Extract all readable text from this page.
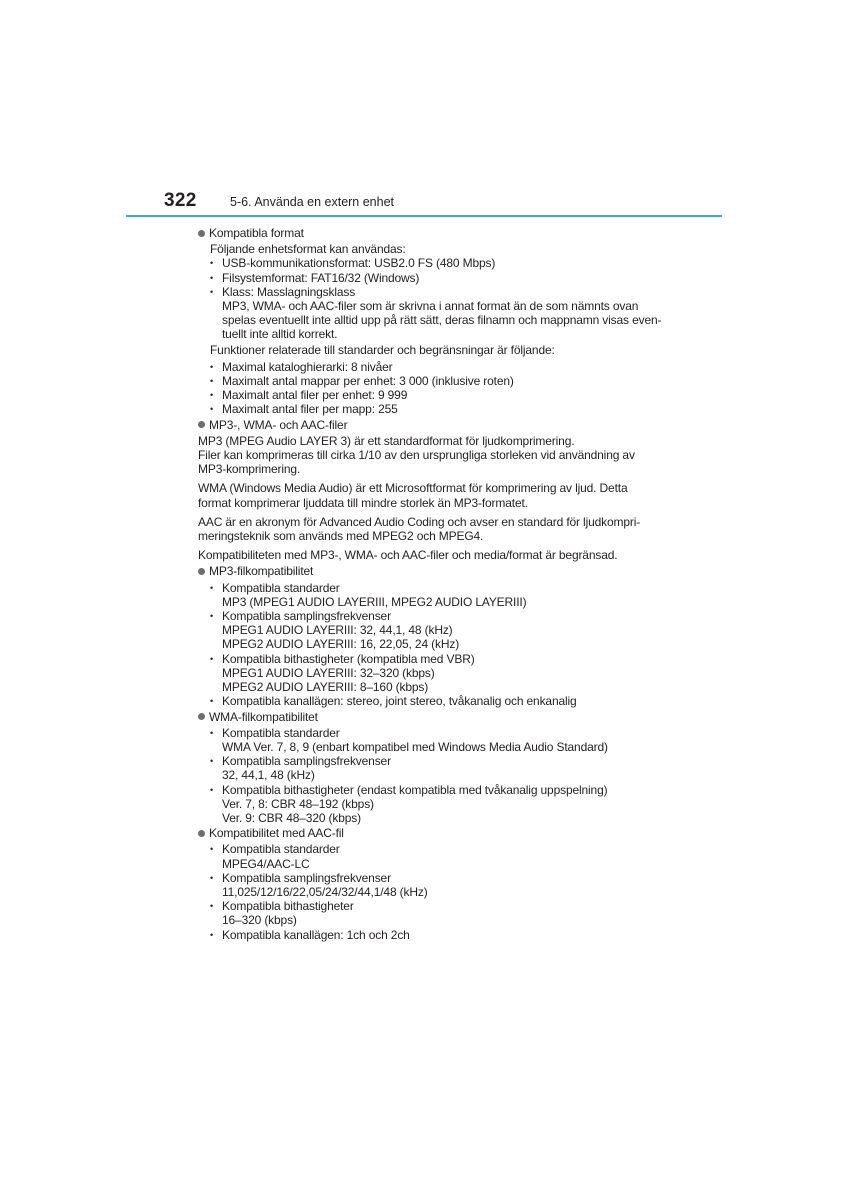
322	5-6. Använda en extern enhet
Kompatibla format
Följande enhetsformat kan användas:
• USB-kommunikationsformat: USB2.0 FS (480 Mbps)
• Filsystemformat: FAT16/32 (Windows)
• Klass: Masslagningsklass
MP3, WMA- och AAC-filer som är skrivna i annat format än de som nämnts ovan
spelas eventuellt inte alltid upp på rätt sätt, deras filnamn och mappnamn visas even-
tuellt inte alltid korrekt.
Funktioner relaterade till standarder och begränsningar är följande:
• Maximal kataloghierarki: 8 nivåer
• Maximalt antal mappar per enhet: 3 000 (inklusive roten)
• Maximalt antal filer per enhet: 9 999
• Maximalt antal filer per mapp: 255
MP3-, WMA- och AAC-filer
MP3 (MPEG Audio LAYER 3) är ett standardformat för ljudkomprimering.
Filer kan komprimeras till cirka 1/10 av den ursprungliga storleken vid användning av
MP3-komprimering.
WMA (Windows Media Audio) är ett Microsoftformat för komprimering av ljud. Detta
format komprimerar ljuddata till mindre storlek än MP3-formatet.
AAC är en akronym för Advanced Audio Coding och avser en standard för ljudkompri-
meringsteknik som används med MPEG2 och MPEG4.
Kompatibiliteten med MP3-, WMA- och AAC-filer och media/format är begränsad.
MP3-filkompatibilitet
• Kompatibla standarder
MP3 (MPEG1 AUDIO LAYERIII, MPEG2 AUDIO LAYERIII)
• Kompatibla samplingsfrekvenser
MPEG1 AUDIO LAYERIII: 32, 44,1, 48 (kHz)
MPEG2 AUDIO LAYERIII: 16, 22,05, 24 (kHz)
• Kompatibla bithastigheter (kompatibla med VBR)
MPEG1 AUDIO LAYERIII: 32–320 (kbps)
MPEG2 AUDIO LAYERIII: 8–160 (kbps)
• Kompatibla kanallägen: stereo, joint stereo, tvåkanalig och enkanalig
WMA-filkompatibilitet
• Kompatibla standarder
WMA Ver. 7, 8, 9 (enbart kompatibel med Windows Media Audio Standard)
• Kompatibla samplingsfrekvenser
32, 44,1, 48 (kHz)
• Kompatibla bithastigheter (endast kompatibla med tvåkanalig uppspelning)
Ver. 7, 8: CBR 48–192 (kbps)
Ver. 9: CBR 48–320 (kbps)
Kompatibilitet med AAC-fil
• Kompatibla standarder
MPEG4/AAC-LC
• Kompatibla samplingsfrekvenser
11,025/12/16/22,05/24/32/44,1/48 (kHz)
• Kompatibla bithastigheter
16–320 (kbps)
• Kompatibla kanallägen: 1ch och 2ch
